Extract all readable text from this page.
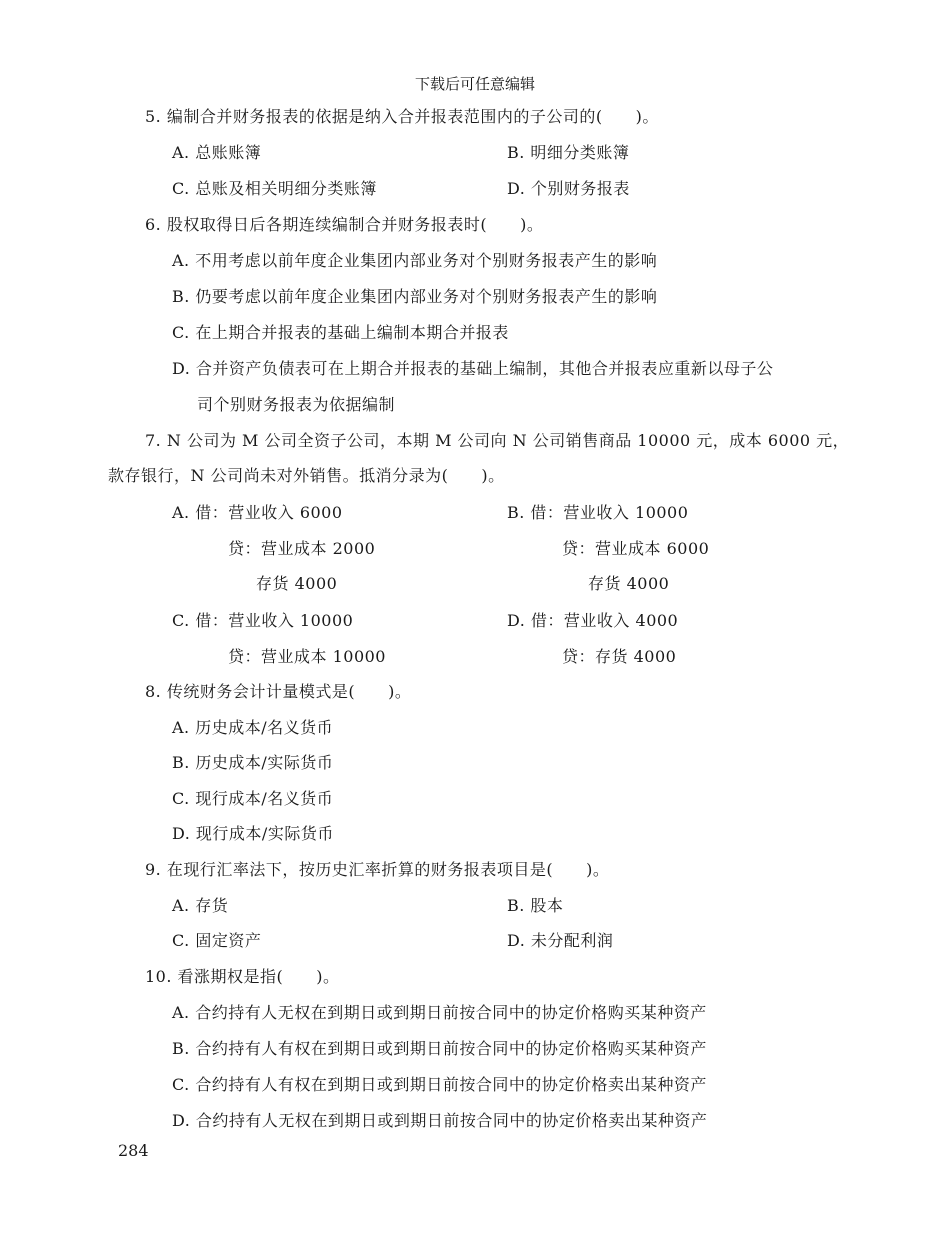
下载后可任意编辑
5. 编制合并财务报表的依据是纳入合并报表范围内的子公司的(　　)。
A. 总账账簿	B. 明细分类账簿
C. 总账及相关明细分类账簿	D. 个别财务报表
6. 股权取得日后各期连续编制合并财务报表时(　　)。
A. 不用考虑以前年度企业集团内部业务对个别财务报表产生的影响
B. 仍要考虑以前年度企业集团内部业务对个别财务报表产生的影响
C. 在上期合并报表的基础上编制本期合并报表
D. 合并资产负债表可在上期合并报表的基础上编制，其他合并报表应重新以母子公
司个别财务报表为依据编制
7. N 公司为 M 公司全资子公司，本期 M 公司向 N 公司销售商品 10000 元，成本 6000 元，
款存银行，N 公司尚未对外销售。抵消分录为(　　)。
A. 借：营业收入 6000	B. 借：营业收入 10000
贷：营业成本 2000	贷：营业成本 6000
存货 4000	存货 4000
C. 借：营业收入 10000	D. 借：营业收入 4000
贷：营业成本 10000	贷：存货 4000
8. 传统财务会计计量模式是(　　)。
A. 历史成本/名义货币
B. 历史成本/实际货币
C. 现行成本/名义货币
D. 现行成本/实际货币
9. 在现行汇率法下，按历史汇率折算的财务报表项目是(　　)。
A. 存货	B. 股本
C. 固定资产	D. 未分配利润
10. 看涨期权是指(　　)。
A. 合约持有人无权在到期日或到期日前按合同中的协定价格购买某种资产
B. 合约持有人有权在到期日或到期日前按合同中的协定价格购买某种资产
C. 合约持有人有权在到期日或到期日前按合同中的协定价格卖出某种资产
D. 合约持有人无权在到期日或到期日前按合同中的协定价格卖出某种资产
284
